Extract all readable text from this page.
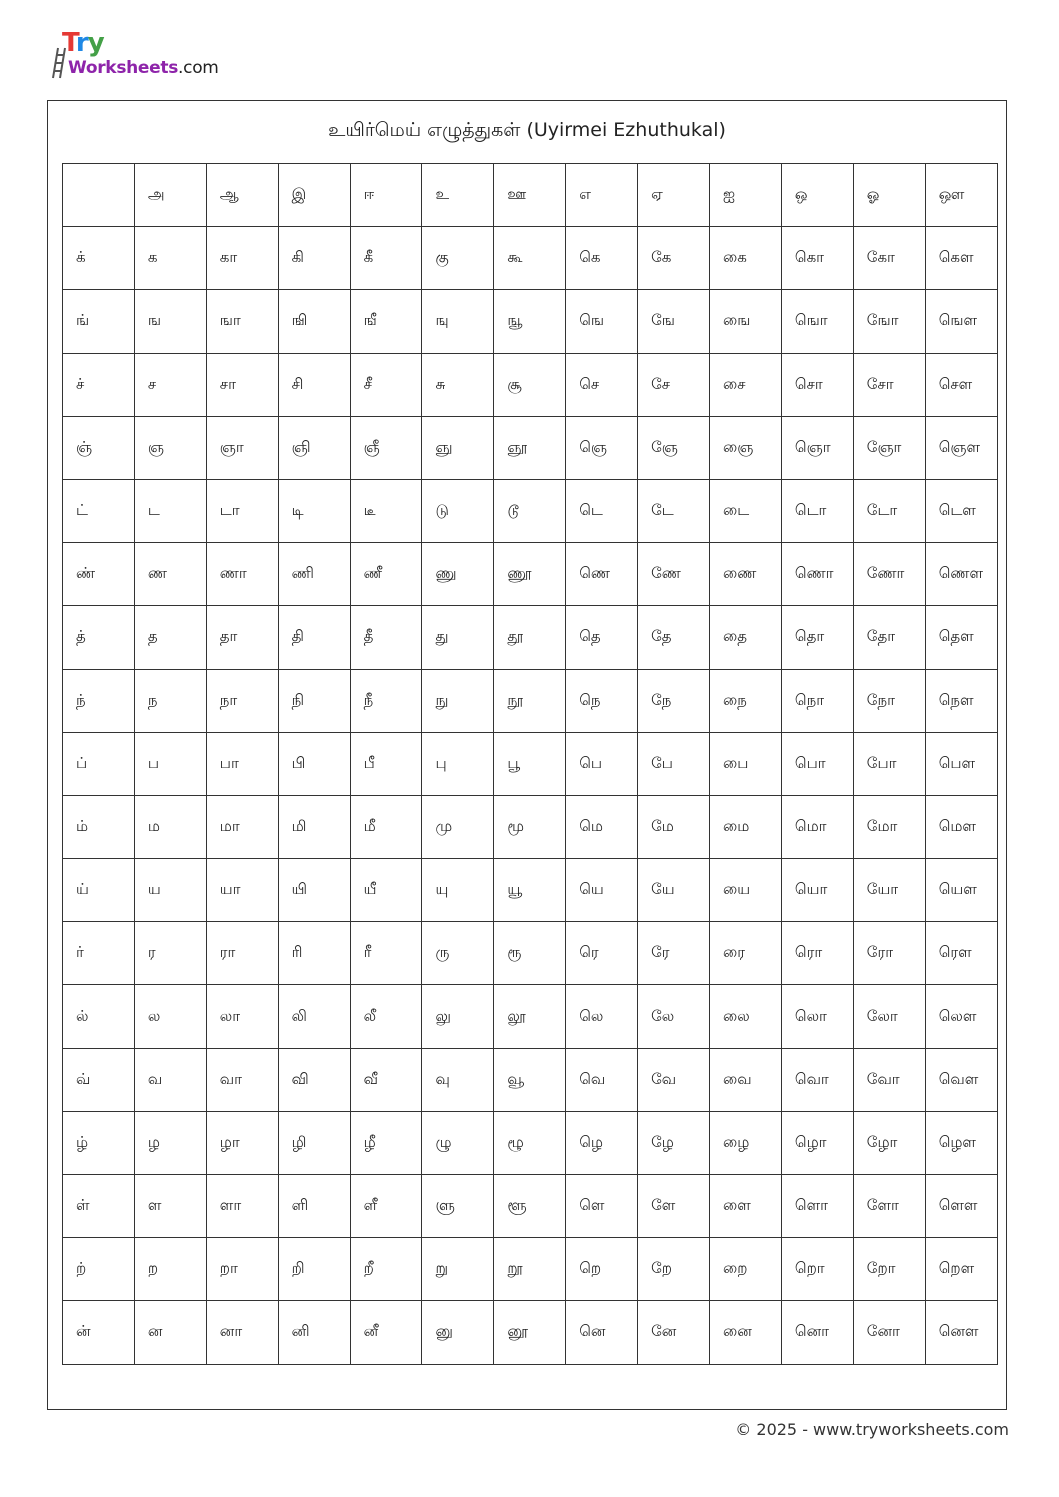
Try
Worksheets.com
உயிர்மெய் எழுத்துகள் (Uyirmei Ezhuthukal)
	அ	ஆ	இ	ஈ	உ	ஊ	எ	ஏ	ஐ	ஒ	ஓ	ஔ
க்	க	கா	கி	கீ	கு	கூ	கெ	கே	கை	கொ	கோ	கௌ
ங்	ங	ஙா	ஙி	ஙீ	ஙு	ஙூ	ஙெ	ஙே	ஙை	ஙொ	ஙோ	ஙௌ
ச்	ச	சா	சி	சீ	சு	சூ	செ	சே	சை	சொ	சோ	சௌ
ஞ்	ஞ	ஞா	ஞி	ஞீ	ஞு	ஞூ	ஞெ	ஞே	ஞை	ஞொ	ஞோ	ஞௌ
ட்	ட	டா	டி	டீ	டு	டூ	டெ	டே	டை	டொ	டோ	டௌ
ண்	ண	ணா	ணி	ணீ	ணு	ணூ	ணெ	ணே	ணை	ணொ	ணோ	ணௌ
த்	த	தா	தி	தீ	து	தூ	தெ	தே	தை	தொ	தோ	தௌ
ந்	ந	நா	நி	நீ	நு	நூ	நெ	நே	நை	நொ	நோ	நௌ
ப்	ப	பா	பி	பீ	பு	பூ	பெ	பே	பை	பொ	போ	பௌ
ம்	ம	மா	மி	மீ	மு	மூ	மெ	மே	மை	மொ	மோ	மௌ
ய்	ய	யா	யி	யீ	யு	யூ	யெ	யே	யை	யொ	யோ	யௌ
ர்	ர	ரா	ரி	ரீ	ரு	ரூ	ரெ	ரே	ரை	ரொ	ரோ	ரௌ
ல்	ல	லா	லி	லீ	லு	லூ	லெ	லே	லை	லொ	லோ	லௌ
வ்	வ	வா	வி	வீ	வு	வூ	வெ	வே	வை	வொ	வோ	வௌ
ழ்	ழ	ழா	ழி	ழீ	ழு	ழூ	ழெ	ழே	ழை	ழொ	ழோ	ழௌ
ள்	ள	ளா	ளி	ளீ	ளு	ளூ	ளெ	ளே	ளை	ளொ	ளோ	ளௌ
ற்	ற	றா	றி	றீ	று	றூ	றெ	றே	றை	றொ	றோ	றௌ
ன்	ன	னா	னி	னீ	னு	னூ	னெ	னே	னை	னொ	னோ	னௌ
© 2025 - www.tryworksheets.com
